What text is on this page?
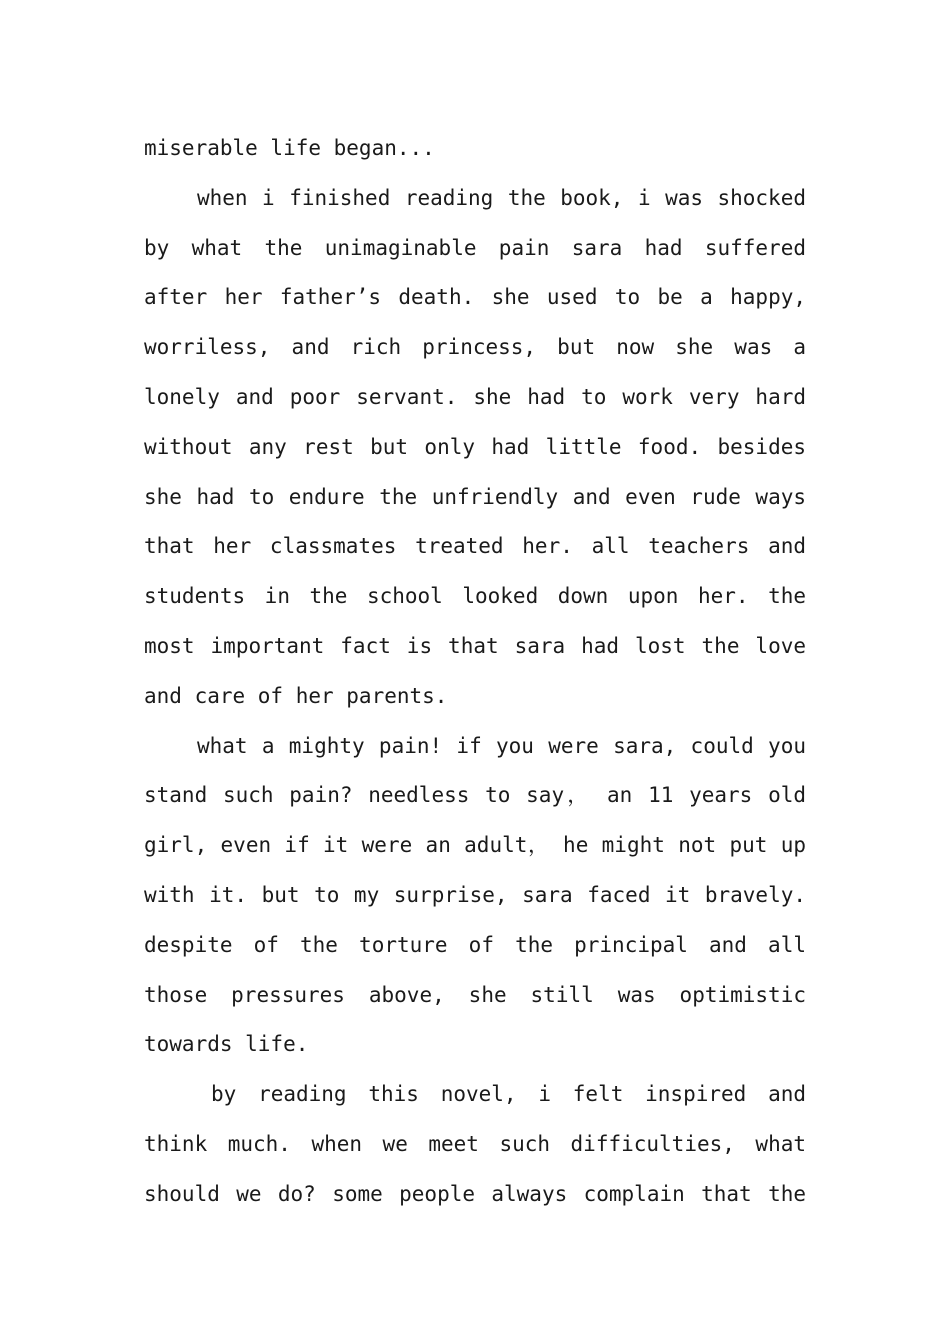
miserable life began...

when i finished reading the book, i was shocked by what the unimaginable pain sara had suffered after her father’s death. she used to be a happy, worriless, and rich princess, but now she was a lonely and poor servant. she had to work very hard without any rest but only had little food. besides she had to endure the unfriendly and even rude ways that her classmates treated her. all teachers and students in the school looked down upon her. the most important fact is that sara had lost the love and care of her parents.

what a mighty pain! if you were sara, could you stand such pain? needless to say， an 11 years old girl, even if it were an adult， he might not put up with it. but to my surprise, sara faced it bravely. despite of the torture of the principal and all those pressures above, she still was optimistic towards life.

by reading this novel, i felt inspired and think much. when we meet such difficulties, what should we do? some people always complain that the
